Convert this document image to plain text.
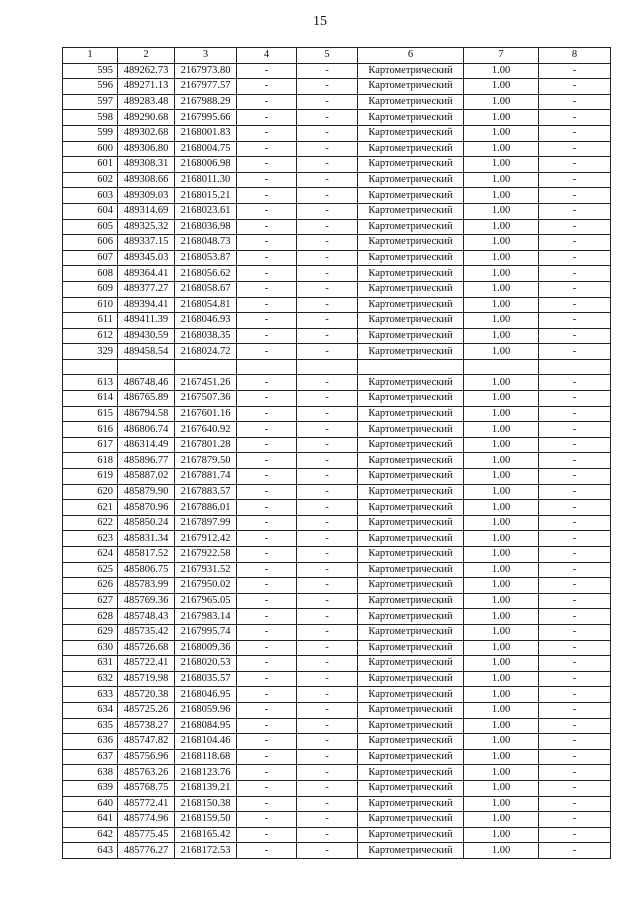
15
1	2	3	4	5	6	7	8
595	489262.73	2167973.80	-	-	Картометрический	1.00	-
596	489271.13	2167977.57	-	-	Картометрический	1.00	-
597	489283.48	2167988.29	-	-	Картометрический	1.00	-
598	489290.68	2167995.66	-	-	Картометрический	1.00	-
599	489302.68	2168001.83	-	-	Картометрический	1.00	-
600	489306.80	2168004.75	-	-	Картометрический	1.00	-
601	489308.31	2168006.98	-	-	Картометрический	1.00	-
602	489308.66	2168011.30	-	-	Картометрический	1.00	-
603	489309.03	2168015.21	-	-	Картометрический	1.00	-
604	489314.69	2168023.61	-	-	Картометрический	1.00	-
605	489325.32	2168036.98	-	-	Картометрический	1.00	-
606	489337.15	2168048.73	-	-	Картометрический	1.00	-
607	489345.03	2168053.87	-	-	Картометрический	1.00	-
608	489364.41	2168056.62	-	-	Картометрический	1.00	-
609	489377.27	2168058.67	-	-	Картометрический	1.00	-
610	489394.41	2168054.81	-	-	Картометрический	1.00	-
611	489411.39	2168046.93	-	-	Картометрический	1.00	-
612	489430.59	2168038.35	-	-	Картометрический	1.00	-
329	489458.54	2168024.72	-	-	Картометрический	1.00	-

613	486748.46	2167451.26	-	-	Картометрический	1.00	-
614	486765.89	2167507.36	-	-	Картометрический	1.00	-
615	486794.58	2167601.16	-	-	Картометрический	1.00	-
616	486806.74	2167640.92	-	-	Картометрический	1.00	-
617	486314.49	2167801.28	-	-	Картометрический	1.00	-
618	485896.77	2167879.50	-	-	Картометрический	1.00	-
619	485887.02	2167881.74	-	-	Картометрический	1.00	-
620	485879.90	2167883.57	-	-	Картометрический	1.00	-
621	485870.96	2167886.01	-	-	Картометрический	1.00	-
622	485850.24	2167897.99	-	-	Картометрический	1.00	-
623	485831.34	2167912.42	-	-	Картометрический	1.00	-
624	485817.52	2167922.58	-	-	Картометрический	1.00	-
625	485806.75	2167931.52	-	-	Картометрический	1.00	-
626	485783.99	2167950.02	-	-	Картометрический	1.00	-
627	485769.36	2167965.05	-	-	Картометрический	1.00	-
628	485748.43	2167983.14	-	-	Картометрический	1.00	-
629	485735.42	2167995.74	-	-	Картометрический	1.00	-
630	485726.68	2168009.36	-	-	Картометрический	1.00	-
631	485722.41	2168020.53	-	-	Картометрический	1.00	-
632	485719.98	2168035.57	-	-	Картометрический	1.00	-
633	485720.38	2168046.95	-	-	Картометрический	1.00	-
634	485725.26	2168059.96	-	-	Картометрический	1.00	-
635	485738.27	2168084.95	-	-	Картометрический	1.00	-
636	485747.82	2168104.46	-	-	Картометрический	1.00	-
637	485756.96	2168118.68	-	-	Картометрический	1.00	-
638	485763.26	2168123.76	-	-	Картометрический	1.00	-
639	485768.75	2168139.21	-	-	Картометрический	1.00	-
640	485772.41	2168150.38	-	-	Картометрический	1.00	-
641	485774.96	2168159.50	-	-	Картометрический	1.00	-
642	485775.45	2168165.42	-	-	Картометрический	1.00	-
643	485776.27	2168172.53	-	-	Картометрический	1.00	-
